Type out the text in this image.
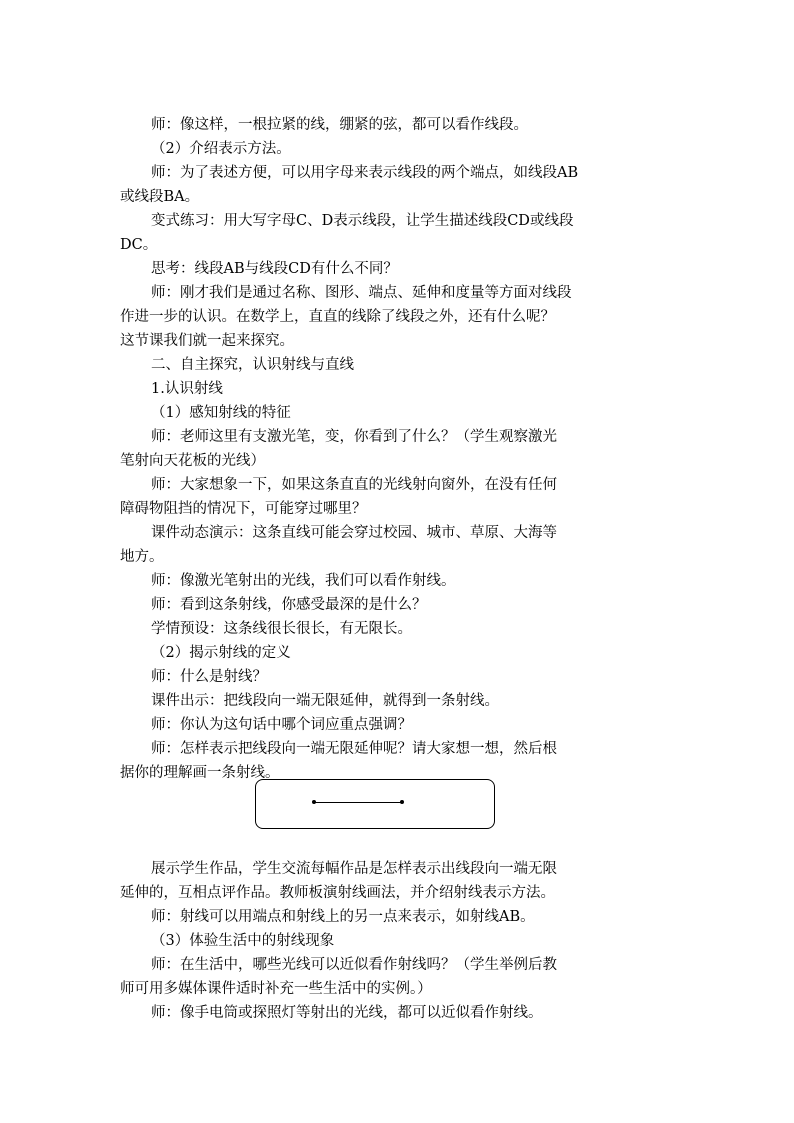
师：像这样，一根拉紧的线，绷紧的弦，都可以看作线段。

（2）介绍表示方法。

师：为了表述方便，可以用字母来表示线段的两个端点，如线段AB

或线段BA。

变式练习：用大写字母C、D表示线段，让学生描述线段CD或线段

DC。

思考：线段AB与线段CD有什么不同？

师：刚才我们是通过名称、图形、端点、延伸和度量等方面对线段

作进一步的认识。在数学上，直直的线除了线段之外，还有什么呢？

这节课我们就一起来探究。

二、自主探究，认识射线与直线

1.认识射线

（1）感知射线的特征

师：老师这里有支激光笔，变，你看到了什么？（学生观察激光

笔射向天花板的光线）

师：大家想象一下，如果这条直直的光线射向窗外，在没有任何

障碍物阻挡的情况下，可能穿过哪里？

课件动态演示：这条直线可能会穿过校园、城市、草原、大海等

地方。

师：像激光笔射出的光线，我们可以看作射线。

师：看到这条射线，你感受最深的是什么？

学情预设：这条线很长很长，有无限长。

（2）揭示射线的定义

师：什么是射线？

课件出示：把线段向一端无限延伸，就得到一条射线。

师：你认为这句话中哪个词应重点强调？

师：怎样表示把线段向一端无限延伸呢？请大家想一想，然后根

据你的理解画一条射线。

展示学生作品，学生交流每幅作品是怎样表示出线段向一端无限

延伸的，互相点评作品。教师板演射线画法，并介绍射线表示方法。

师：射线可以用端点和射线上的另一点来表示，如射线AB。

（3）体验生活中的射线现象

师：在生活中，哪些光线可以近似看作射线吗？（学生举例后教

师可用多媒体课件适时补充一些生活中的实例。）

师：像手电筒或探照灯等射出的光线，都可以近似看作射线。
